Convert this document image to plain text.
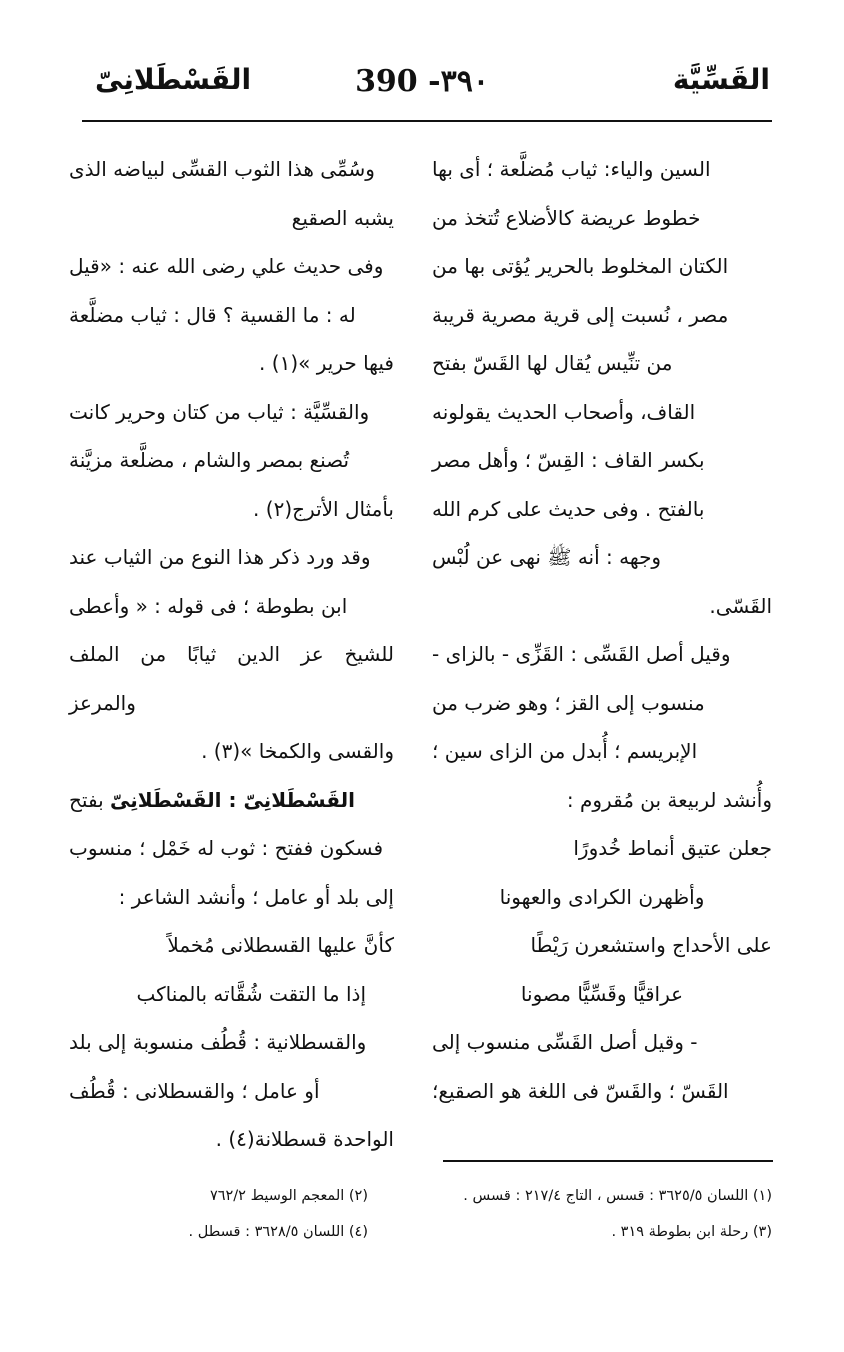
القَسِّيَّة
390 -٣٩٠
القَسْطَلانِىّ

السين والياء: ثياب مُضلَّعة ؛ أى بها

خطوط عريضة كالأضلاع تُتخذ من

الكتان المخلوط بالحرير يُؤتى بها من

مصر ، نُسبت إلى قرية مصرية قريبة

من تنِّيس يُقال لها القَسّ بفتح

القاف، وأصحاب الحديث يقولونه

بكسر القاف : القِسّ ؛ وأهل مصر

بالفتح . وفى حديث على كرم الله

وجهه : أنه ﷺ نهى عن لُبْس

القَسّى.

وقيل أصل القَسِّى : القَزِّى - بالزاى -

منسوب إلى القز ؛ وهو ضرب من

الإبريسم ؛ أُبدل من الزاى سين ؛

وأُنشد لربيعة بن مُقروم :

جعلن عتيق أنماط خُدورًا

وأظهرن الكرادى والعهونا

على الأحداج واستشعرن رَيْطًا

عراقيًّا وقَسِّيًّا مصونا

- وقيل أصل القَسِّى منسوب إلى

القَسّ ؛ والقَسّ فى اللغة هو الصقيع؛

وسُمِّى هذا الثوب القسِّى لبياضه الذى

يشبه الصقيع

وفى حديث علي رضى الله عنه : «قيل

له : ما القسية ؟ قال : ثياب مضلَّعة

فيها حرير »(١) .

والقسِّيَّة : ثياب من كتان وحرير كانت

تُصنع بمصر والشام ، مضلَّعة مزيَّنة

بأمثال الأترج(٢) .

وقد ورد ذكر هذا النوع من الثياب عند

ابن بطوطة ؛ فى قوله : « وأعطى

للشيخ عز الدين ثيابًا من الملف والمرعز

والقسى والكمخا »(٣) .

القَسْطَلانِىّ : القَسْطَلانِىّ بفتح

فسكون ففتح : ثوب له خَمْل ؛ منسوب

إلى بلد أو عامل ؛ وأنشد الشاعر :

كأنَّ عليها القسطلانى مُخملاً

إذا ما التقت شُقَّاته بالمناكب

والقسطلانية : قُطُف منسوبة إلى بلد

أو عامل ؛ والقسطلانى : قُطُف

الواحدة قسطلانة(٤) .

(١) اللسان ٣٦٢٥/٥ : قسس ، التاج ٢١٧/٤ : قسس .
(٢) المعجم الوسيط ٧٦٢/٢
(٣) رحلة ابن بطوطة ٣١٩ .
(٤) اللسان ٣٦٢٨/٥ : قسطل .
